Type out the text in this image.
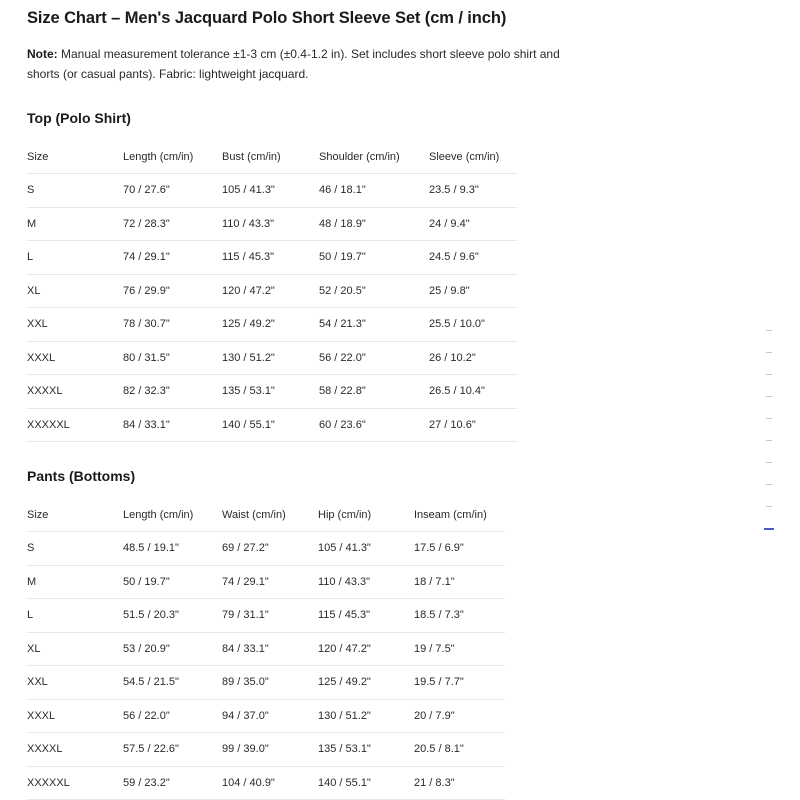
Size Chart – Men's Jacquard Polo Short Sleeve Set (cm / inch)
Note: Manual measurement tolerance ±1-3 cm (±0.4-1.2 in). Set includes short sleeve polo shirt and shorts (or casual pants). Fabric: lightweight jacquard.
Top (Polo Shirt)
Size	Length (cm/in)	Bust (cm/in)	Shoulder (cm/in)	Sleeve (cm/in)
S	70 / 27.6"	105 / 41.3"	46 / 18.1"	23.5 / 9.3"
M	72 / 28.3"	110 / 43.3"	48 / 18.9"	24 / 9.4"
L	74 / 29.1"	115 / 45.3"	50 / 19.7"	24.5 / 9.6"
XL	76 / 29.9"	120 / 47.2"	52 / 20.5"	25 / 9.8"
XXL	78 / 30.7"	125 / 49.2"	54 / 21.3"	25.5 / 10.0"
XXXL	80 / 31.5"	130 / 51.2"	56 / 22.0"	26 / 10.2"
XXXXL	82 / 32.3"	135 / 53.1"	58 / 22.8"	26.5 / 10.4"
XXXXXL	84 / 33.1"	140 / 55.1"	60 / 23.6"	27 / 10.6"
Pants (Bottoms)
Size	Length (cm/in)	Waist (cm/in)	Hip (cm/in)	Inseam (cm/in)
S	48.5 / 19.1"	69 / 27.2"	105 / 41.3"	17.5 / 6.9"
M	50 / 19.7"	74 / 29.1"	110 / 43.3"	18 / 7.1"
L	51.5 / 20.3"	79 / 31.1"	115 / 45.3"	18.5 / 7.3"
XL	53 / 20.9"	84 / 33.1"	120 / 47.2"	19 / 7.5"
XXL	54.5 / 21.5"	89 / 35.0"	125 / 49.2"	19.5 / 7.7"
XXXL	56 / 22.0"	94 / 37.0"	130 / 51.2"	20 / 7.9"
XXXXL	57.5 / 22.6"	99 / 39.0"	135 / 53.1"	20.5 / 8.1"
XXXXXL	59 / 23.2"	104 / 40.9"	140 / 55.1"	21 / 8.3"
